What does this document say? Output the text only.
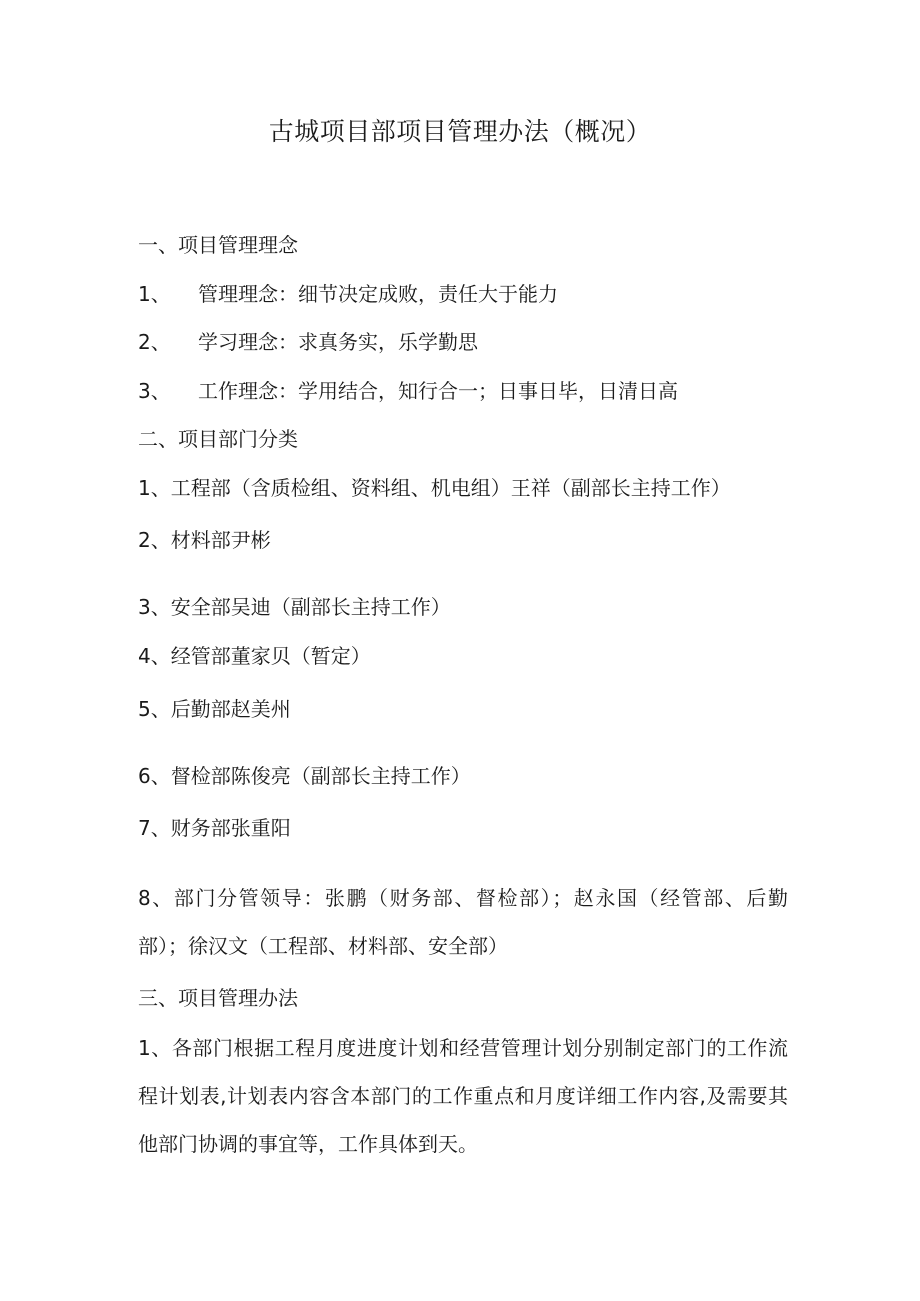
古城项目部项目管理办法（概况）
一、项目管理理念
1、 管理理念：细节决定成败，责任大于能力
2、 学习理念：求真务实，乐学勤思
3、 工作理念：学用结合，知行合一；日事日毕，日清日高
二、项目部门分类
1、工程部（含质检组、资料组、机电组）王祥（副部长主持工作）
2、材料部尹彬
3、安全部吴迪（副部长主持工作）
4、经管部董家贝（暂定）
5、后勤部赵美州
6、督检部陈俊亮（副部长主持工作）
7、财务部张重阳
8、部门分管领导：张鹏（财务部、督检部）；赵永国（经管部、后勤部）；徐汉文（工程部、材料部、安全部）
三、项目管理办法
1、各部门根据工程月度进度计划和经营管理计划分别制定部门的工作流程计划表,计划表内容含本部门的工作重点和月度详细工作内容,及需要其他部门协调的事宜等，工作具体到天。
